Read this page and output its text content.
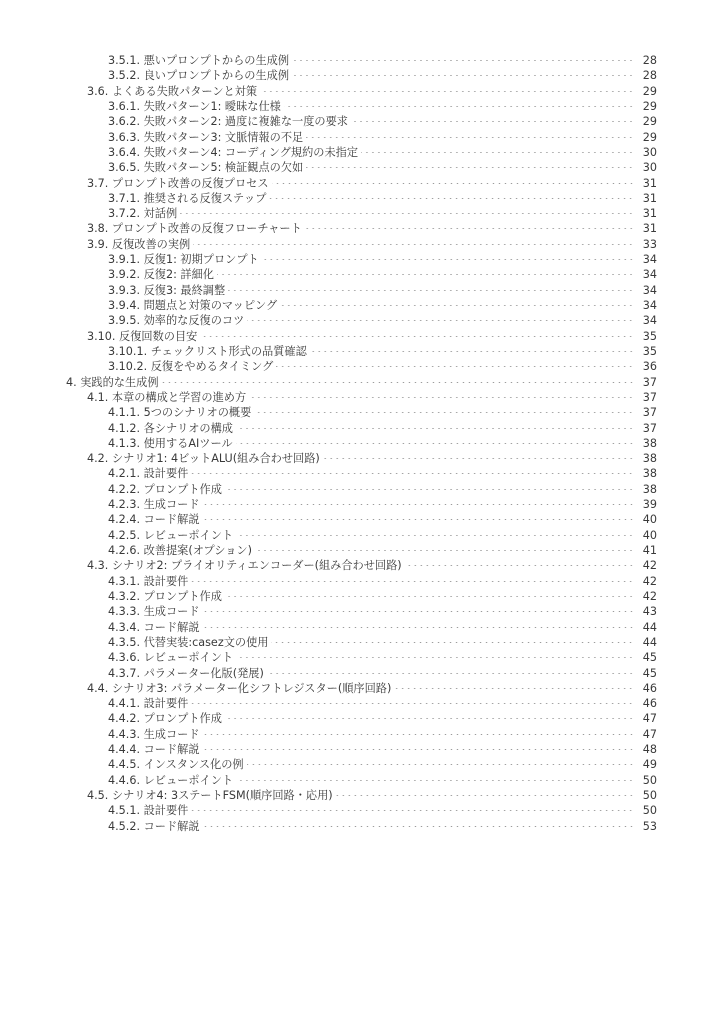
3.5.1. 悪いプロンプトからの生成例	28
3.5.2. 良いプロンプトからの生成例	28
3.6. よくある失敗パターンと対策	29
3.6.1. 失敗パターン1: 曖昧な仕様	29
3.6.2. 失敗パターン2: 過度に複雑な一度の要求	29
3.6.3. 失敗パターン3: 文脈情報の不足	29
3.6.4. 失敗パターン4: コーディング規約の未指定	30
3.6.5. 失敗パターン5: 検証観点の欠如	30
3.7. プロンプト改善の反復プロセス	31
3.7.1. 推奨される反復ステップ	31
3.7.2. 対話例	31
3.8. プロンプト改善の反復フローチャート	31
3.9. 反復改善の実例	33
3.9.1. 反復1: 初期プロンプト	34
3.9.2. 反復2: 詳細化	34
3.9.3. 反復3: 最終調整	34
3.9.4. 問題点と対策のマッピング	34
3.9.5. 効率的な反復のコツ	34
3.10. 反復回数の目安	35
3.10.1. チェックリスト形式の品質確認	35
3.10.2. 反復をやめるタイミング	36
4. 実践的な生成例	37
4.1. 本章の構成と学習の進め方	37
4.1.1. 5つのシナリオの概要	37
4.1.2. 各シナリオの構成	37
4.1.3. 使用するAIツール	38
4.2. シナリオ1: 4ビットALU(組み合わせ回路)	38
4.2.1. 設計要件	38
4.2.2. プロンプト作成	38
4.2.3. 生成コード	39
4.2.4. コード解説	40
4.2.5. レビューポイント	40
4.2.6. 改善提案(オプション)	41
4.3. シナリオ2: プライオリティエンコーダー(組み合わせ回路)	42
4.3.1. 設計要件	42
4.3.2. プロンプト作成	42
4.3.3. 生成コード	43
4.3.4. コード解説	44
4.3.5. 代替実装:casez文の使用	44
4.3.6. レビューポイント	45
4.3.7. パラメーター化版(発展)	45
4.4. シナリオ3: パラメーター化シフトレジスター(順序回路)	46
4.4.1. 設計要件	46
4.4.2. プロンプト作成	47
4.4.3. 生成コード	47
4.4.4. コード解説	48
4.4.5. インスタンス化の例	49
4.4.6. レビューポイント	50
4.5. シナリオ4: 3ステートFSM(順序回路・応用)	50
4.5.1. 設計要件	50
4.5.2. コード解説	53
